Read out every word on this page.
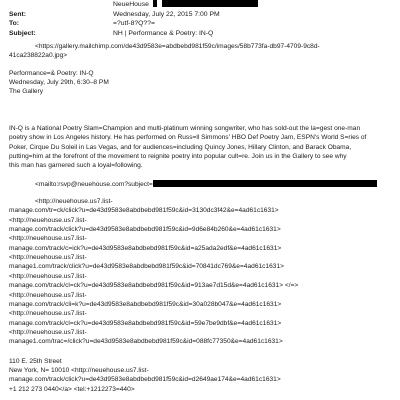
NeueHouse
Sent:	Wednesday, July 22, 2015 7:00 PM
To:	=?utf-8?Q??=
Subject:	NH | Performance & Poetry: IN-Q

<https://gallery.mailchimp.com/de43d9583e=abdbebd981f59c/images/58b773fa-db97-4709-9c8d-

41ca238822a0.jpg>

Performance=& Poetry: IN-Q

Wednesday, July 29th, 6:30–8 PM

The Gallery

IN-Q is a National Poetry Slam=Champion and multi-platinum winning songwriter, who has sold-out the la=gest one-man

poetry show in Los Angeles history. He has performed on Russ=ll Simmons' HBO Def Poetry Jam, ESPN's World S=ries of

Poker, Cirque Du Soleil in Las Vegas, and for audiences=including Quincy Jones, Hillary Clinton, and Barack Obama,

putting=him at the forefront of the movement to reignite poetry into popular cult=re. Join us in the Gallery to see why

this man has garnered such a loyal=following.

<mailto:rsvp@neuehouse.com?subject=

<http://neuehouse.us7.list-

manage.com/tr=ck/click?u=de43d9583e8abdbebd981f59c&id=3130dc3f42&e=4ad61c1631>

<http://neuehouse.us7.list-

manage.com/track/click?u=de43d9583e8abdbebd981f59c&id=9d6e84b260&e=4ad61c1631>

<http://neuehouse.us7.list-

manage.com/track/c=ick?u=de43d9583e8abdbebd981f59c&id=a25ada2edf&e=4ad61c1631>

<http://neuehouse.us7.list-

manage1.com/track/click?u=de43d9583e8abdbebd981f59c&id=70841dc769&e=4ad61c1631>

<http://neuehouse.us7.list-

manage.com/track/cl=ck?u=de43d9583e8abdbebd981f59c&id=913ae7d15d&e=4ad61c1631> </=>

<http://neuehouse.us7.list-

manage.com/track/cli=k?u=de43d9583e8abdbebd981f59c&id=30a028b047&e=4ad61c1631>

<http://neuehouse.us7.list-

manage.com/track/cl=ck?u=de43d9583e8abdbebd981f59c&id=59e7be9dbf&e=4ad61c1631>

<http://neuehouse.us7.list-

manage1.com/trac=/click?u=de43d9583e8abdbebd981f59c&id=088fc77350&e=4ad61c1631>

110 E. 25th Street

New York, N= 10010 <http://neuehouse.us7.list-

manage.com/track/click?u=de43d9583e8abdbebd981f59c&id=d2649ae174&e=4ad61c1631>

+1 212 273 0440</a> <tel:+1212273=440>
